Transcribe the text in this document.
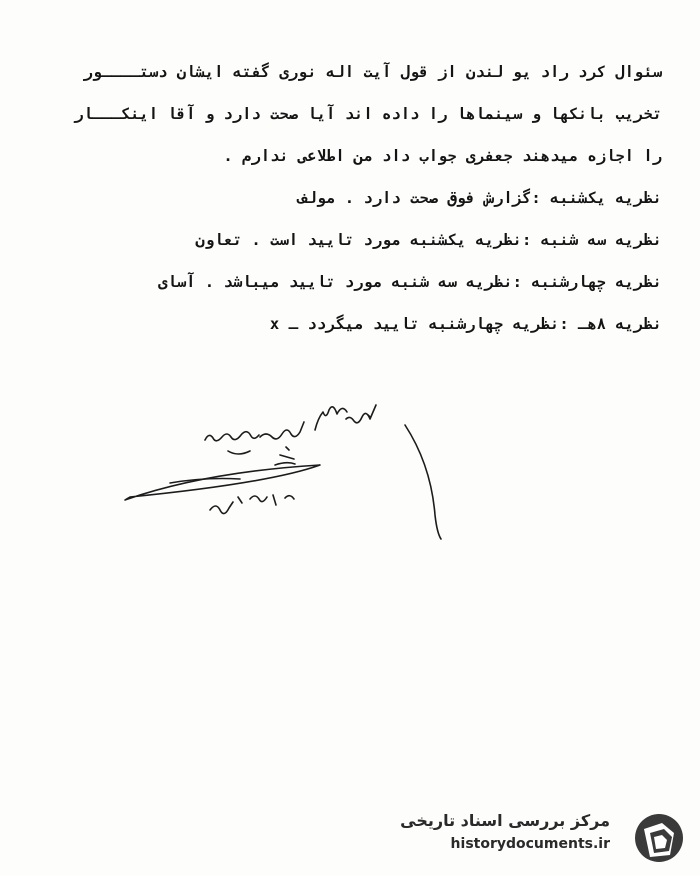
سئوال کرد راد یو لندن از قول آیت اله نوری گفته ایشان دستــــور
تخریب بانکها و سینماها را داده اند آیا صحت دارد و آقا اینکـــار
را اجازه میدهند جعفری جواب داد من اطلاعی ندارم .
نظریه یکشنبه :گزارش فوق صحت دارد . مولف
نظریه سه شنبه :نظریه یکشنبه مورد تایید است . تعاون
نظریه چهارشنبه :نظریه سه شنبه مورد تایید میباشد . آسای
نظریه ۸هـ :نظریه چهارشنبه تایید میگردد ـ x
مرکز بررسی اسناد تاریخی
historydocuments.ir
